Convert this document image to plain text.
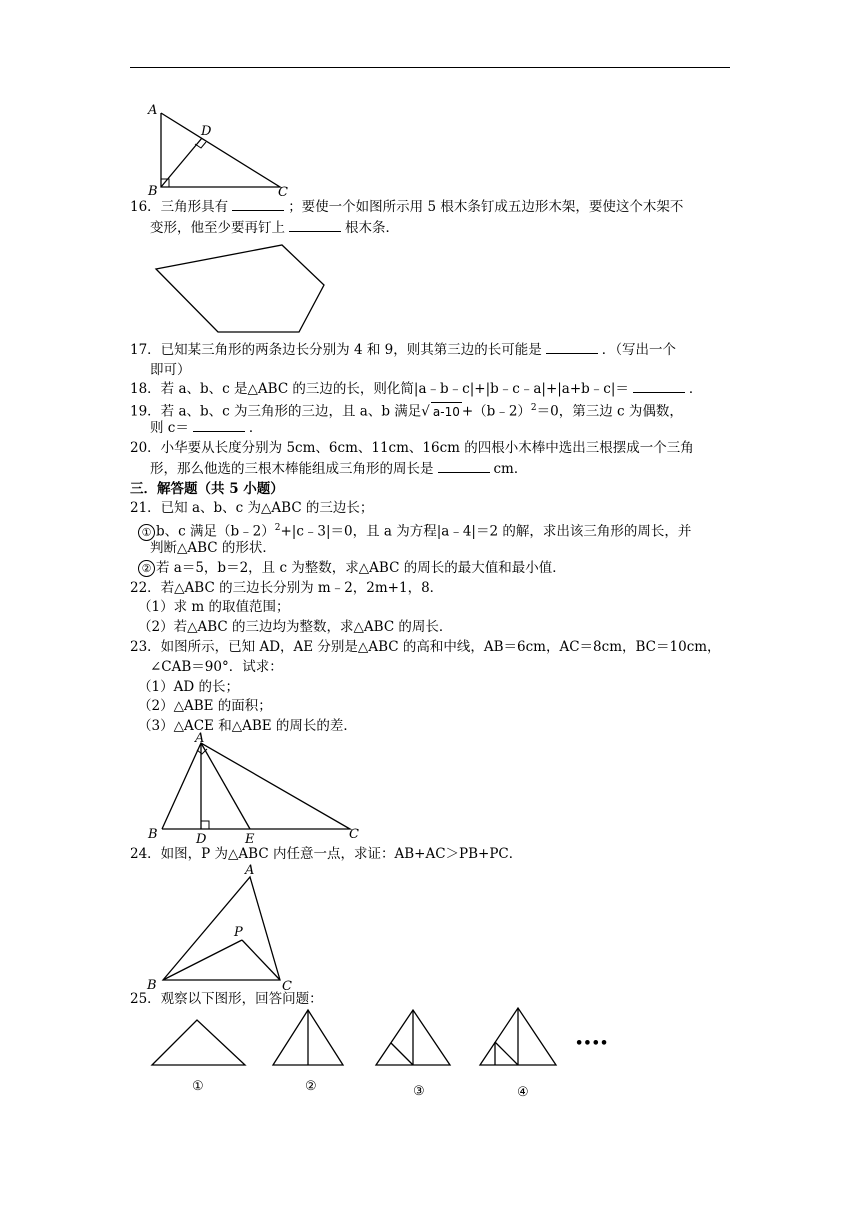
A
D
B	C
16．三角形具有	；要使一个如图所示用 5 根木条钉成五边形木架，要使这个木架不
变形，他至少要再钉上	根木条．
17．已知某三角形的两条边长分别为 4 和 9，则其第三边的长可能是	．（写出一个
即可）
18．若 a、b、c 是△ABC 的三边的长，则化简|a﹣b﹣c|+|b﹣c﹣a|+|a+b﹣c|＝	．
19．若 a、b、c 为三角形的三边，且 a、b 满足√ a-10 +（b﹣2）$^2$＝0，第三边 c 为偶数，
则 c＝	．
20．小华要从长度分别为 5cm、6cm、11cm、16cm 的四根小木棒中选出三根摆成一个三角
形，那么他选的三根木棒能组成三角形的周长是	cm．
三．解答题（共 5 小题）
21．已知 a、b、c 为△ABC 的三边长；
① b、c 满足（b﹣2）$^2$+|c﹣3|＝0，且 a 为方程|a﹣4|＝2 的解，求出该三角形的周长，并
判断△ABC 的形状．
② 若 a＝5，b＝2，且 c 为整数，求△ABC 的周长的最大值和最小值．
22．若△ABC 的三边长分别为 m﹣2，2m+1，8．
（1）求 m 的取值范围；
（2）若△ABC 的三边均为整数，求△ABC 的周长．
23．如图所示，已知 AD，AE 分别是△ABC 的高和中线，AB＝6cm，AC＝8cm，BC＝10cm，
∠CAB＝90°．试求：
（1）AD 的长；
（2）△ABE 的面积；
（3）△ACE 和△ABE 的周长的差．
A
B	D	E	C
24．如图，P 为△ABC 内任意一点，求证：AB+AC＞PB+PC．
A
P
B	C
25．观察以下图形，回答问题：
①	②	③	④
••••
